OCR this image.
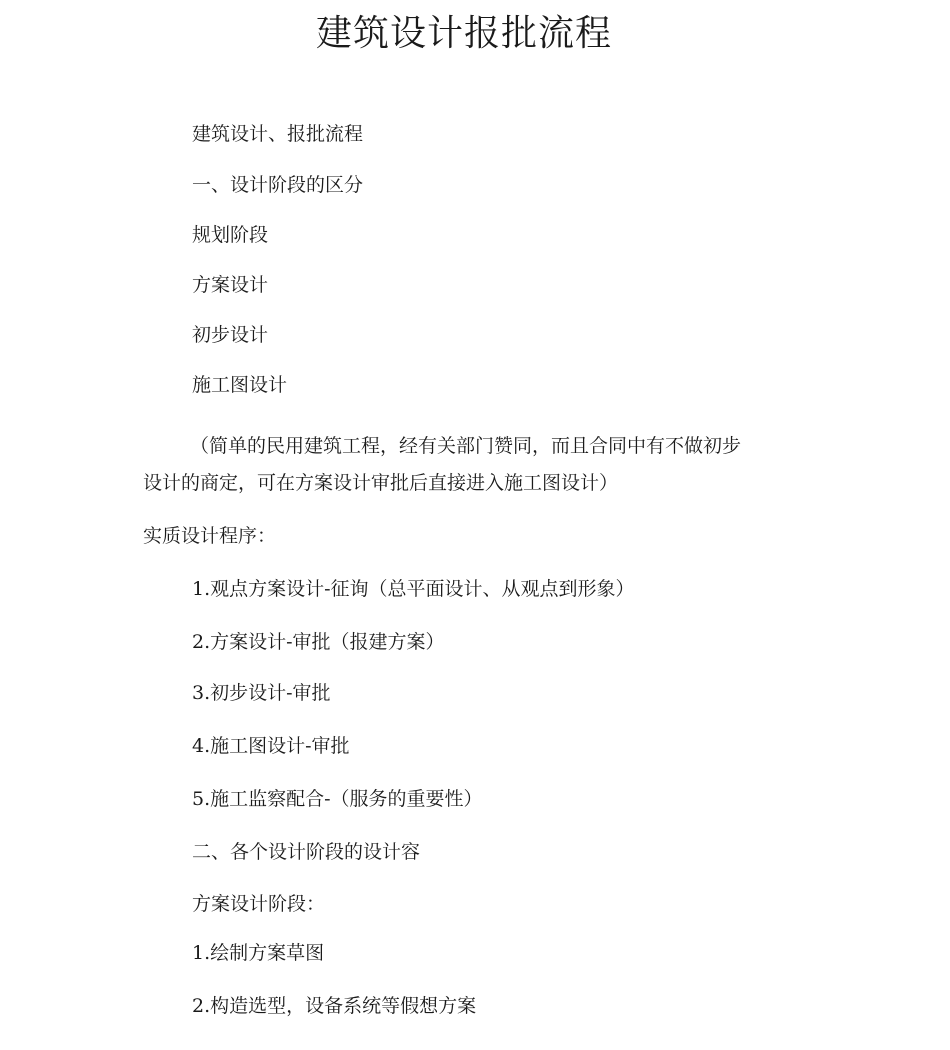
建筑设计报批流程

建筑设计、报批流程

一、设计阶段的区分

规划阶段

方案设计

初步设计

施工图设计

（简单的民用建筑工程，经有关部门赞同，而且合同中有不做初步

设计的商定，可在方案设计审批后直接进入施工图设计）

实质设计程序：

1.观点方案设计-征询（总平面设计、从观点到形象）

2.方案设计-审批（报建方案）

3.初步设计-审批

4.施工图设计-审批

5.施工监察配合-（服务的重要性）

二、各个设计阶段的设计容

方案设计阶段：

1.绘制方案草图

2.构造选型，设备系统等假想方案
